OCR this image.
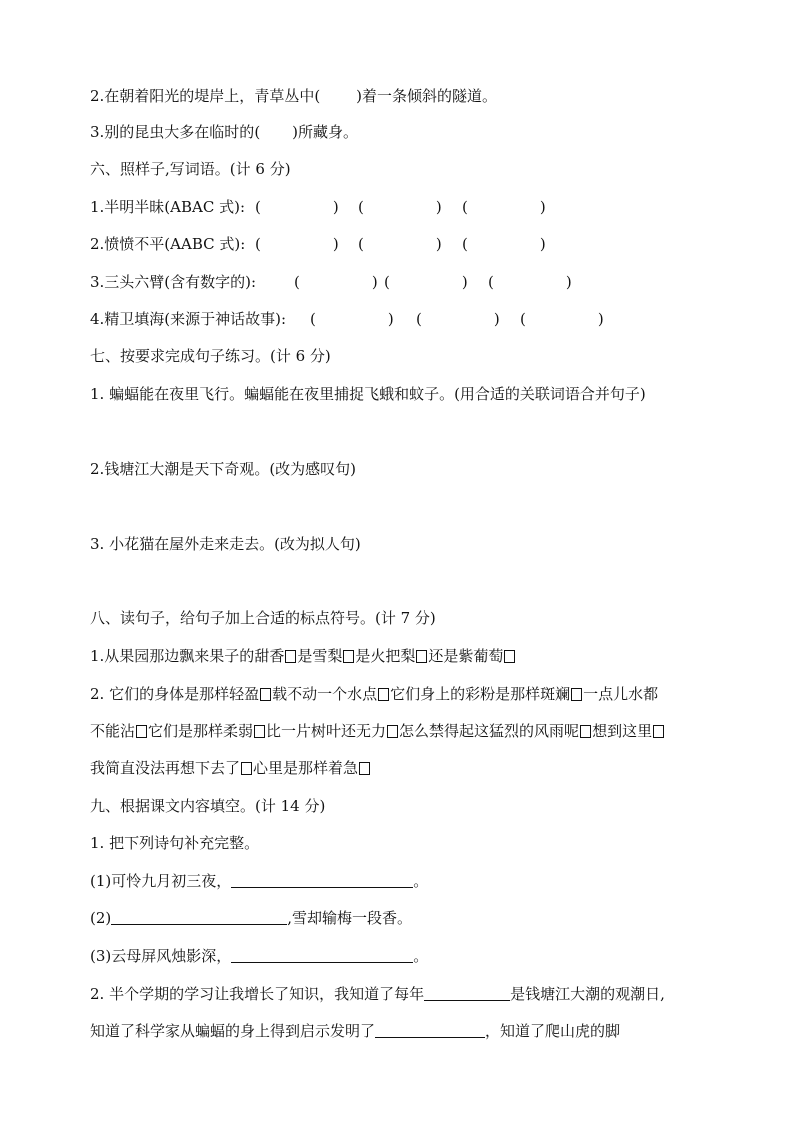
2.在朝着阳光的堤岸上，青草丛中( )着一条倾斜的隧道。
3.别的昆虫大多在临时的( )所藏身。
六、照样子,写词语。(计 6 分)
1.半明半昧(ABAC 式): (	) (	) (	)
2.愤愤不平(AABC 式): (	) (	) (	)
3.三头六臂(含有数字的):	(	) (	) (	)
4.精卫填海(来源于神话故事): (	) (	) (	)
七、按要求完成句子练习。(计 6 分)
1. 蝙蝠能在夜里飞行。蝙蝠能在夜里捕捉飞蛾和蚊子。(用合适的关联词语合并句子)
2.钱塘江大潮是天下奇观。(改为感叹句)
3. 小花猫在屋外走来走去。(改为拟人句)
八、读句子，给句子加上合适的标点符号。(计 7 分)
1.从果园那边飘来果子的甜香 是雪梨 是火把梨 还是紫葡萄
2. 它们的身体是那样轻盈 载不动一个水点 它们身上的彩粉是那样斑斓 一点儿水都
不能沾 它们是那样柔弱 比一片树叶还无力 怎么禁得起这猛烈的风雨呢 想到这里
我简直没法再想下去了 心里是那样着急
九、根据课文内容填空。(计 14 分)
1. 把下列诗句补充完整。
(1)可怜九月初三夜，	。
(2)	,雪却输梅一段香。
(3)云母屏风烛影深，	。
2. 半个学期的学习让我增长了知识，我知道了每年	是钱塘江大潮的观潮日,
知道了科学家从蝙蝠的身上得到启示发明了	，知道了爬山虎的脚
